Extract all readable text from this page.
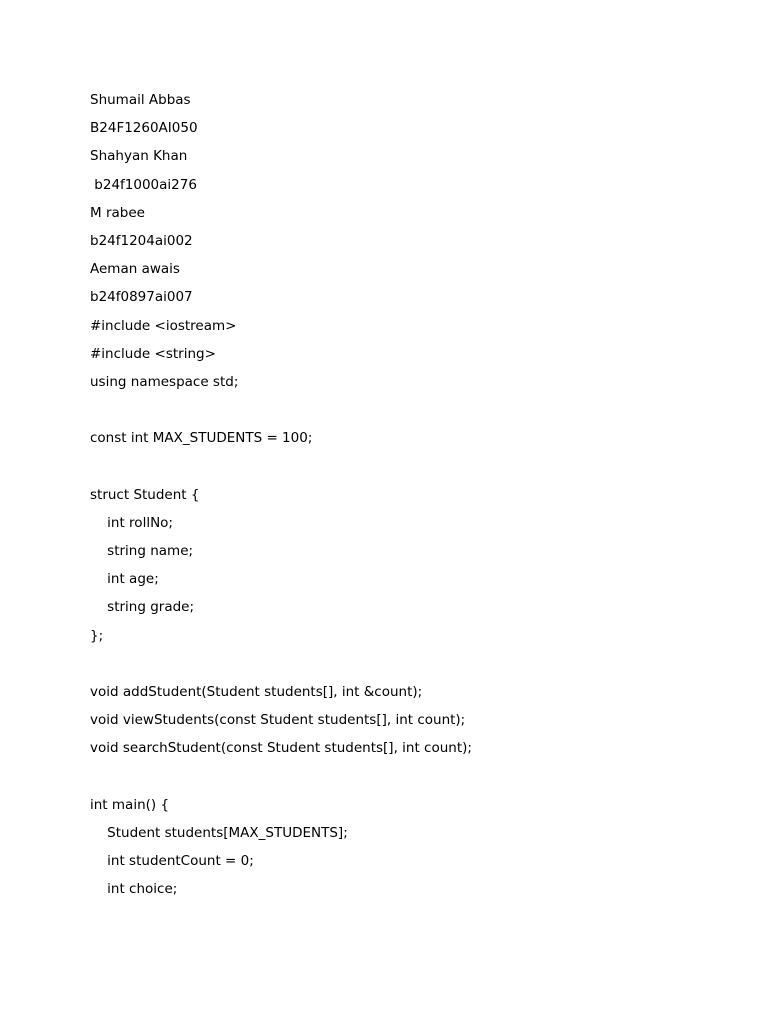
Shumail Abbas
B24F1260AI050
Shahyan Khan
b24f1000ai276
M rabee
b24f1204ai002
Aeman awais
b24f0897ai007
#include <iostream>
#include <string>
using namespace std;
const int MAX_STUDENTS = 100;
struct Student {
int rollNo;
string name;
int age;
string grade;
};
void addStudent(Student students[], int &count);
void viewStudents(const Student students[], int count);
void searchStudent(const Student students[], int count);
int main() {
Student students[MAX_STUDENTS];
int studentCount = 0;
int choice;
